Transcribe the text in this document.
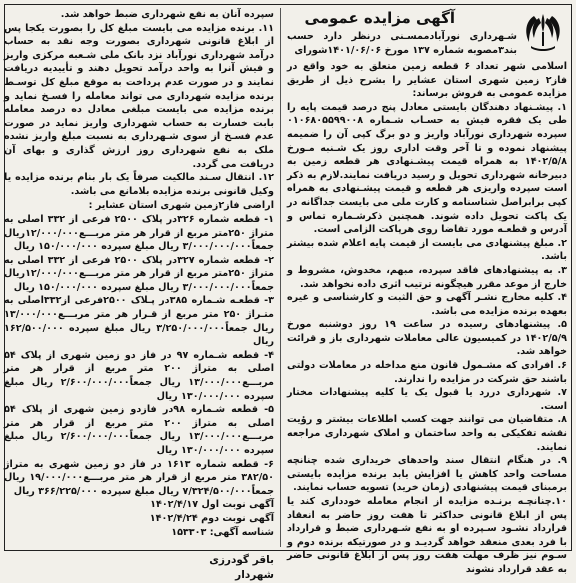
آگهی مزایده عمومی
شـهرداری نورآبادممسـنی درنظر دارد حسب بند۳مصوبه شماره ۱۳۷ مورخ ۱۴۰۱/۰۶/۰۶شورای

اسلامی شهر تعداد ۶ قطعه زمین متعلق به خود واقع در فاز۲ زمین شهری استان عشایر را بشرح ذیل از طریق مزایده عمومی به فروش برساند:

۱. پیشـنهاد دهندگان بایستی معادل پنج درصد قیمت پایه را طی یک فقره فیش به حسـاب شـماره ۰۱۰۶۸۰۵۵۹۹۰۰۸ سپرده شهرداری نورآباد واریز و دو برگ کپی آن را ضمیمه پیشنهاد نموده و تا آخر وقت اداری روز یک شـنبه مـورخ ۱۴۰۲/۵/۸ به همراه قیمت پیشـنهادی هر قطعه زمین به دبیرخانه شهرداری تحویل و رسید دریافت نمایند.لازم به ذکر است سپرده واریزی هر قطعه و قیمت پیشـنهادی به همراه کپی برابراصل شناسنامه و کارت ملی می بایست جداگانه در یک پاکت تحویل داده شوند. همچنین ذکرشـماره تماس و آدرس و قطعـه مورد تقاضا روی هرپاکت الزامی است.

۲. مبلغ پیشنهادی می بایست از قیمت پایه اعلام شده بیشتر باشد.

۳. به پیشنهادهای فاقد سپرده، مبهم، مخدوش، مشروط و خارج از موعد مقرر هیچگونه ترتیب اثری داده نخواهد شد.

۴. کلیه مخارج نشـر آگهی و حق الثبت و کارشناسی و غیره بعهده برنده مزایده می باشد.

۵. پیشنهادهای رسیده در ساعت ۱۹ روز دوشنبه مورخ ۱۴۰۲/۵/۹ در کمیسیون عالی معاملات شهرداری باز و قرائت خواهد شد.

۶. افرادی که مشـمول قانون منع مداخله در معاملات دولتی باشند حق شرکت در مزایده را ندارند.

۷. شهرداری دررد یا قبول یک یا کلیه پیشنهادات مختار است.

۸. متقاضیان می توانند جهت کسب اطلاعات بیشتر و رؤیت نقشه تفکیکی به واحد ساختمان و املاک شهرداری مراجعه نمایند.

۹. در هنگام انتقال سند واحدهای خریداری شده چنانچه مساحت واحد کاهش یا افزایش یابد برنده مزایده بایستی برمبنای قیمت پیشنهادی (زمان خرید) تسویه حساب نمایند.

۱۰.چنانچـه برنـده مزایده از انجام معامله خودداری کند یا پس از ابلاغ قانونی حداکثر تا هفت روز حاضر به انعقاد قرارداد نشـود سـپرده او به نفع شـهرداری ضبط و قرارداد با فرد بعدی منعقد خواهد گردیـد و در صورتیکه برنده دوم و سـوم نیز ظرف مهلت هفت روز پس از ابلاغ قانونی حاضر به عقد قرارداد نشوند

سپرده آنان به نفع شهرداری ضبط خواهد شد.

۱۱. برنده مزایده می بایست مبلغ کل را بصورت یکجا پس از ابلاغ قانونی شهرداری بصورت وجه نقد به حساب درآمد شهرداری نورآباد نزد بانک ملی شـعبه مرکزی واریز و فیش آنرا به واحد درآمد تحویل دهند و تأییدیه دریافت نمایند و در صورت عدم پرداخت به موقع مبلغ کل توسـط برنده مزایده شهرداری می تواند معامله را فسـخ نماید و برنده مزایده می بایست مبلغی معادل ده درصد معامله بابت خسارت به حساب شهرداری واریز نماید در صورت عدم فسـخ از سوی شـهرداری به نسبت مبلغ واریز نشده ملک به نفع شهرداری روز ارزش گذاری و بهای آن دریافت می گردد.

۱۲. انتقال سـند مالکیت صرفاً یک بار بنام برنده مزایده یا وکیل قانونی برنده مزایده بلامانع می باشد.

اراضی فاز۲زمین شهری استان عشایر :

۱- قطعه شماره ۳۲۶در پلاک ۲۵۰۰ فرعی از ۳۳۲ اصلی به متراژ ۲۵۰متر مربع از قرار هر متر مربـــع۱۲/۰۰۰/۰۰۰ریال جمعاً۳/۰۰۰/۰۰۰/۰۰۰ ریال مبلغ سپرده ۱۵۰/۰۰۰/۰۰۰ ریال

۲- قطعه شماره ۳۲۷در پلاک ۲۵۰۰ فرعی از ۳۳۲ اصلی به متراژ ۲۵۰متر مربع از قرار هر متر مربـــع۱۲/۰۰۰/۰۰۰ریال جمعاً۳/۰۰۰/۰۰۰/۰۰۰ ریال مبلغ سپرده ۱۵۰/۰۰۰/۰۰۰ ریال

۳- قطعـه شـماره ۳۸۵در پـلاک ۲۵۰۰فرعی از۳۳۲اصلی به متـراژ ۲۵۰ متر مربع از قـرار هر متر مربـــع۱۳/۰۰۰/۰۰۰ ریال جمعاً۳/۲۵۰/۰۰۰/۰۰۰ ریال مبلغ سپرده ۱۶۲/۵۰۰/۰۰۰ ریال

۴- قطعه شـماره ۹۷ در فاز دو زمین شهری از پلاک ۵۴ اصلی به متراژ ۲۰۰ متر مربع از قرار هر متر مربـــع۱۳/۰۰۰/۰۰۰ ریال جمعاً۲/۶۰۰/۰۰۰/۰۰۰ ریال مبلغ سپرده ۱۳۰/۰۰۰/۰۰۰ ریال

۵- قطعه شـماره ۹۸در فازدو زمین شهری از پلاک ۵۴ اصلی به متراژ ۲۰۰ متر مربع از قرار هر متر مربـــع۱۳/۰۰۰/۰۰۰ ریال جمعاً۲/۶۰۰/۰۰۰/۰۰۰ ریال مبلغ سپرده ۱۳۰/۰۰۰/۰۰۰ ریال

۶- قطعه شماره ۱۶۱۳ در فاز دو زمین شهری به متراژ ۳۸۲/۵۰ متر مربع از قرار هر متر مربـــع۱۹/۰۰۰/۰۰۰ ریال جمعاً۷/۳۲۴/۵۰۰/۰۰۰ ریال مبلغ سپرده ۳۶۶/۲۲۵/۰۰۰ ریال

آگهی نوبت اول ۱۴۰۲/۴/۱۷

آگهی نوبت دوم ۱۴۰۲/۴/۲۴

شناسه آگهی: ۱۵۳۳۰۳

باقر گودرزی
شهردار
